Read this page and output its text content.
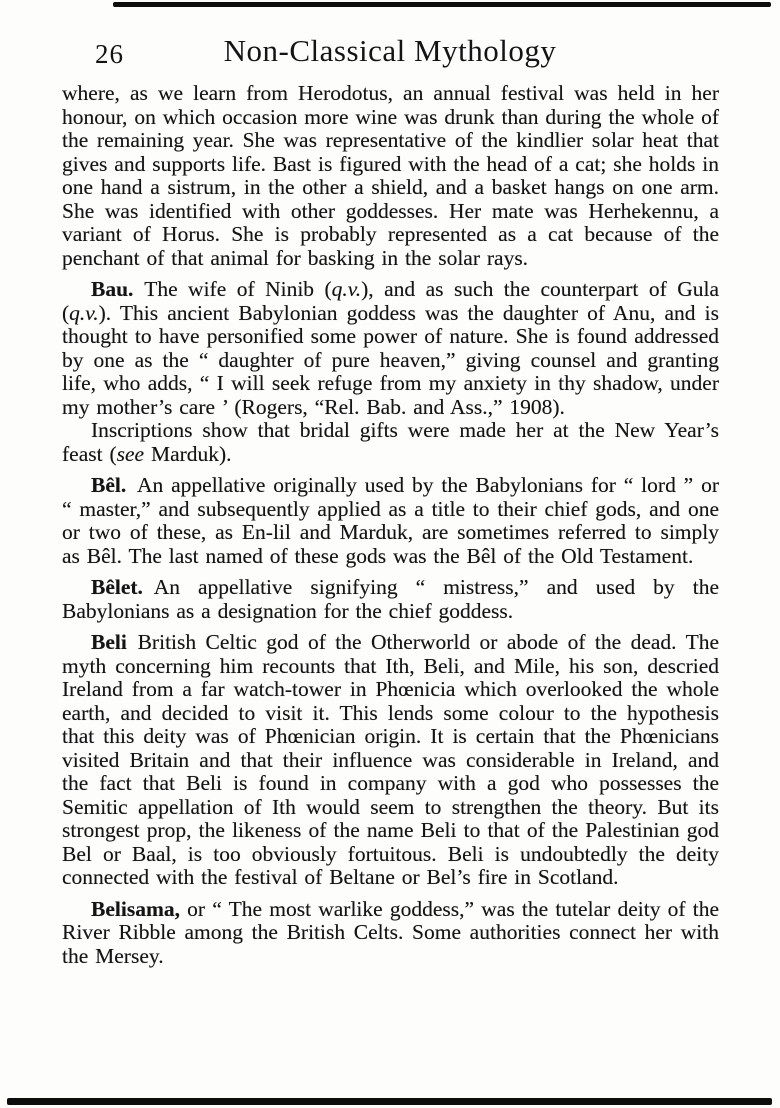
26	Non-Classical Mythology

where, as we learn from Herodotus, an annual festival was held in her honour, on which occasion more wine was drunk than during the whole of the remaining year. She was representative of the kindlier solar heat that gives and supports life. Bast is figured with the head of a cat; she holds in one hand a sistrum, in the other a shield, and a basket hangs on one arm. She was identified with other goddesses. Her mate was Herhekennu, a variant of Horus. She is probably represented as a cat because of the penchant of that animal for basking in the solar rays.

Bau. The wife of Ninib (q.v.), and as such the counterpart of Gula (q.v.). This ancient Babylonian goddess was the daughter of Anu, and is thought to have personified some power of nature. She is found addressed by one as the “ daughter of pure heaven,” giving counsel and granting life, who adds, “ I will seek refuge from my anxiety in thy shadow, under my mother’s care ’ (Rogers, “Rel. Bab. and Ass.,” 1908).

Inscriptions show that bridal gifts were made her at the New Year’s feast (see Marduk).

Bêl. An appellative originally used by the Babylonians for “ lord ” or “ master,” and subsequently applied as a title to their chief gods, and one or two of these, as En-lil and Marduk, are sometimes referred to simply as Bêl. The last named of these gods was the Bêl of the Old Testament.

Bêlet. An appellative signifying “ mistress,” and used by the Babylonians as a designation for the chief goddess.

Beli British Celtic god of the Otherworld or abode of the dead. The myth concerning him recounts that Ith, Beli, and Mile, his son, descried Ireland from a far watch-tower in Phœnicia which overlooked the whole earth, and decided to visit it. This lends some colour to the hypothesis that this deity was of Phœnician origin. It is certain that the Phœnicians visited Britain and that their influence was considerable in Ireland, and the fact that Beli is found in company with a god who possesses the Semitic appellation of Ith would seem to strengthen the theory. But its strongest prop, the likeness of the name Beli to that of the Palestinian god Bel or Baal, is too obviously fortuitous. Beli is undoubtedly the deity connected with the festival of Beltane or Bel’s fire in Scotland.

Belisama, or “ The most warlike goddess,” was the tutelar deity of the River Ribble among the British Celts. Some authorities connect her with the Mersey.
